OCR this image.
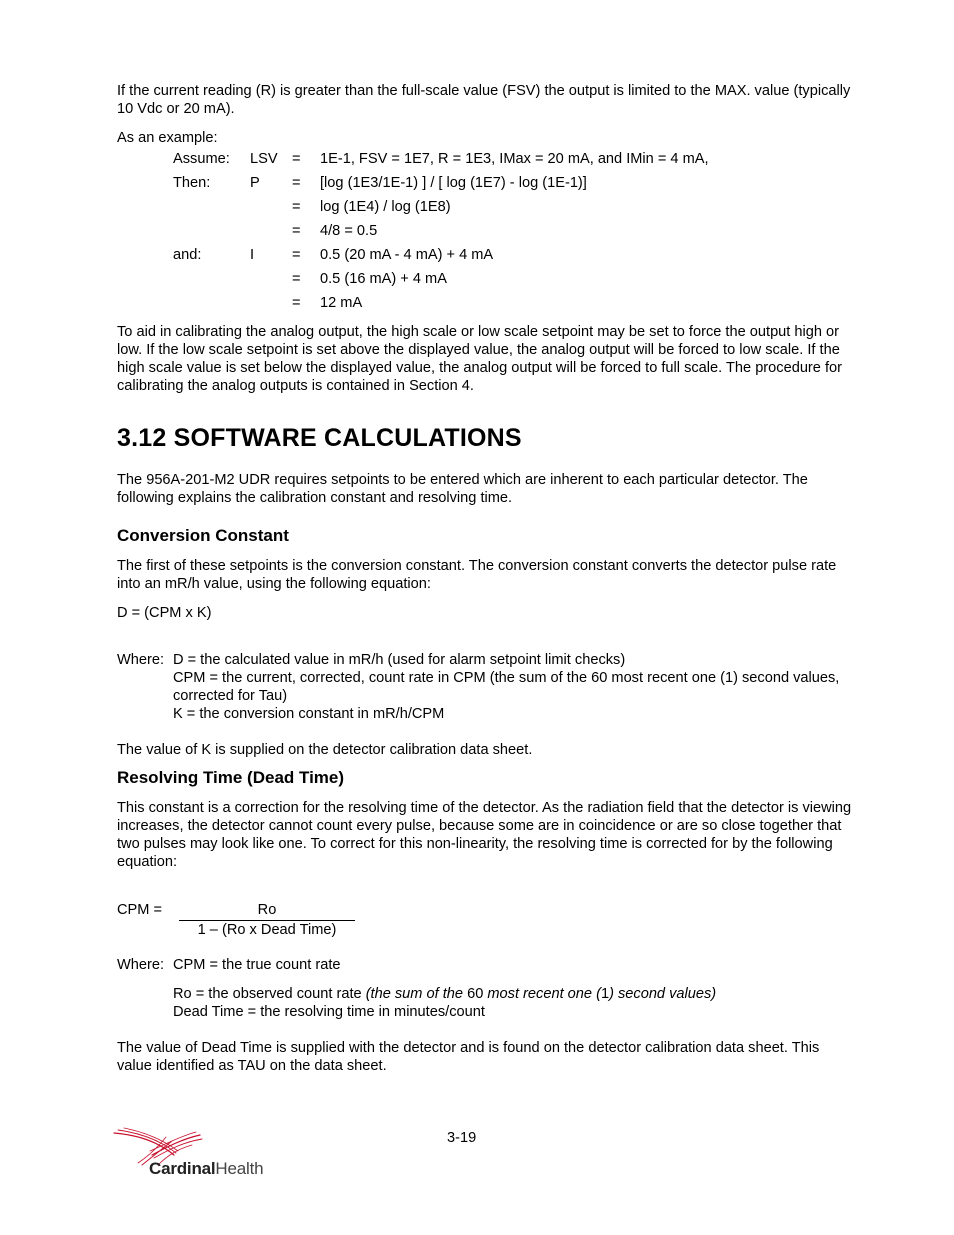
If the current reading (R) is greater than the full-scale value (FSV) the output is limited to the MAX. value (typically 10 Vdc or 20 mA).

As an example:

Assume:	LSV	=	1E-1, FSV = 1E7, R = 1E3, IMax = 20 mA, and IMin = 4 mA,
Then:	P	=	[log (1E3/1E-1) ] / [ log (1E7) - log (1E-1)]
		=	log (1E4) / log (1E8)
		=	4/8 = 0.5
and:	I	=	0.5 (20 mA - 4 mA) + 4 mA
		=	0.5 (16 mA) + 4 mA
		=	12 mA

To aid in calibrating the analog output, the high scale or low scale setpoint may be set to force the output high or low. If the low scale setpoint is set above the displayed value, the analog output will be forced to low scale. If the high scale value is set below the displayed value, the analog output will be forced to full scale. The procedure for calibrating the analog outputs is contained in Section 4.

3.12 SOFTWARE CALCULATIONS

The 956A-201-M2 UDR requires setpoints to be entered which are inherent to each particular detector. The following explains the calibration constant and resolving time.

Conversion Constant

The first of these setpoints is the conversion constant. The conversion constant converts the detector pulse rate into an mR/h value, using the following equation:

D = (CPM x K)

Where: D = the calculated value in mR/h (used for alarm setpoint limit checks)

CPM = the current, corrected, count rate in CPM (the sum of the 60 most recent one (1) second values, corrected for Tau)

K = the conversion constant in mR/h/CPM

The value of K is supplied on the detector calibration data sheet.

Resolving Time (Dead Time)

This constant is a correction for the resolving time of the detector. As the radiation field that the detector is viewing increases, the detector cannot count every pulse, because some are in coincidence or are so close together that two pulses may look like one. To correct for this non-linearity, the resolving time is corrected for by the following equation:

CPM =	$\frac{Ro}{\text{1 – (Ro x Dead Time)}}$
Where: CPM = the true count rate

Ro = the observed count rate (the sum of the 60 most recent one (1) second values)

Dead Time = the resolving time in minutes/count

The value of Dead Time is supplied with the detector and is found on the detector calibration data sheet. This value identified as TAU on the data sheet.

3-19
CardinalHealth
